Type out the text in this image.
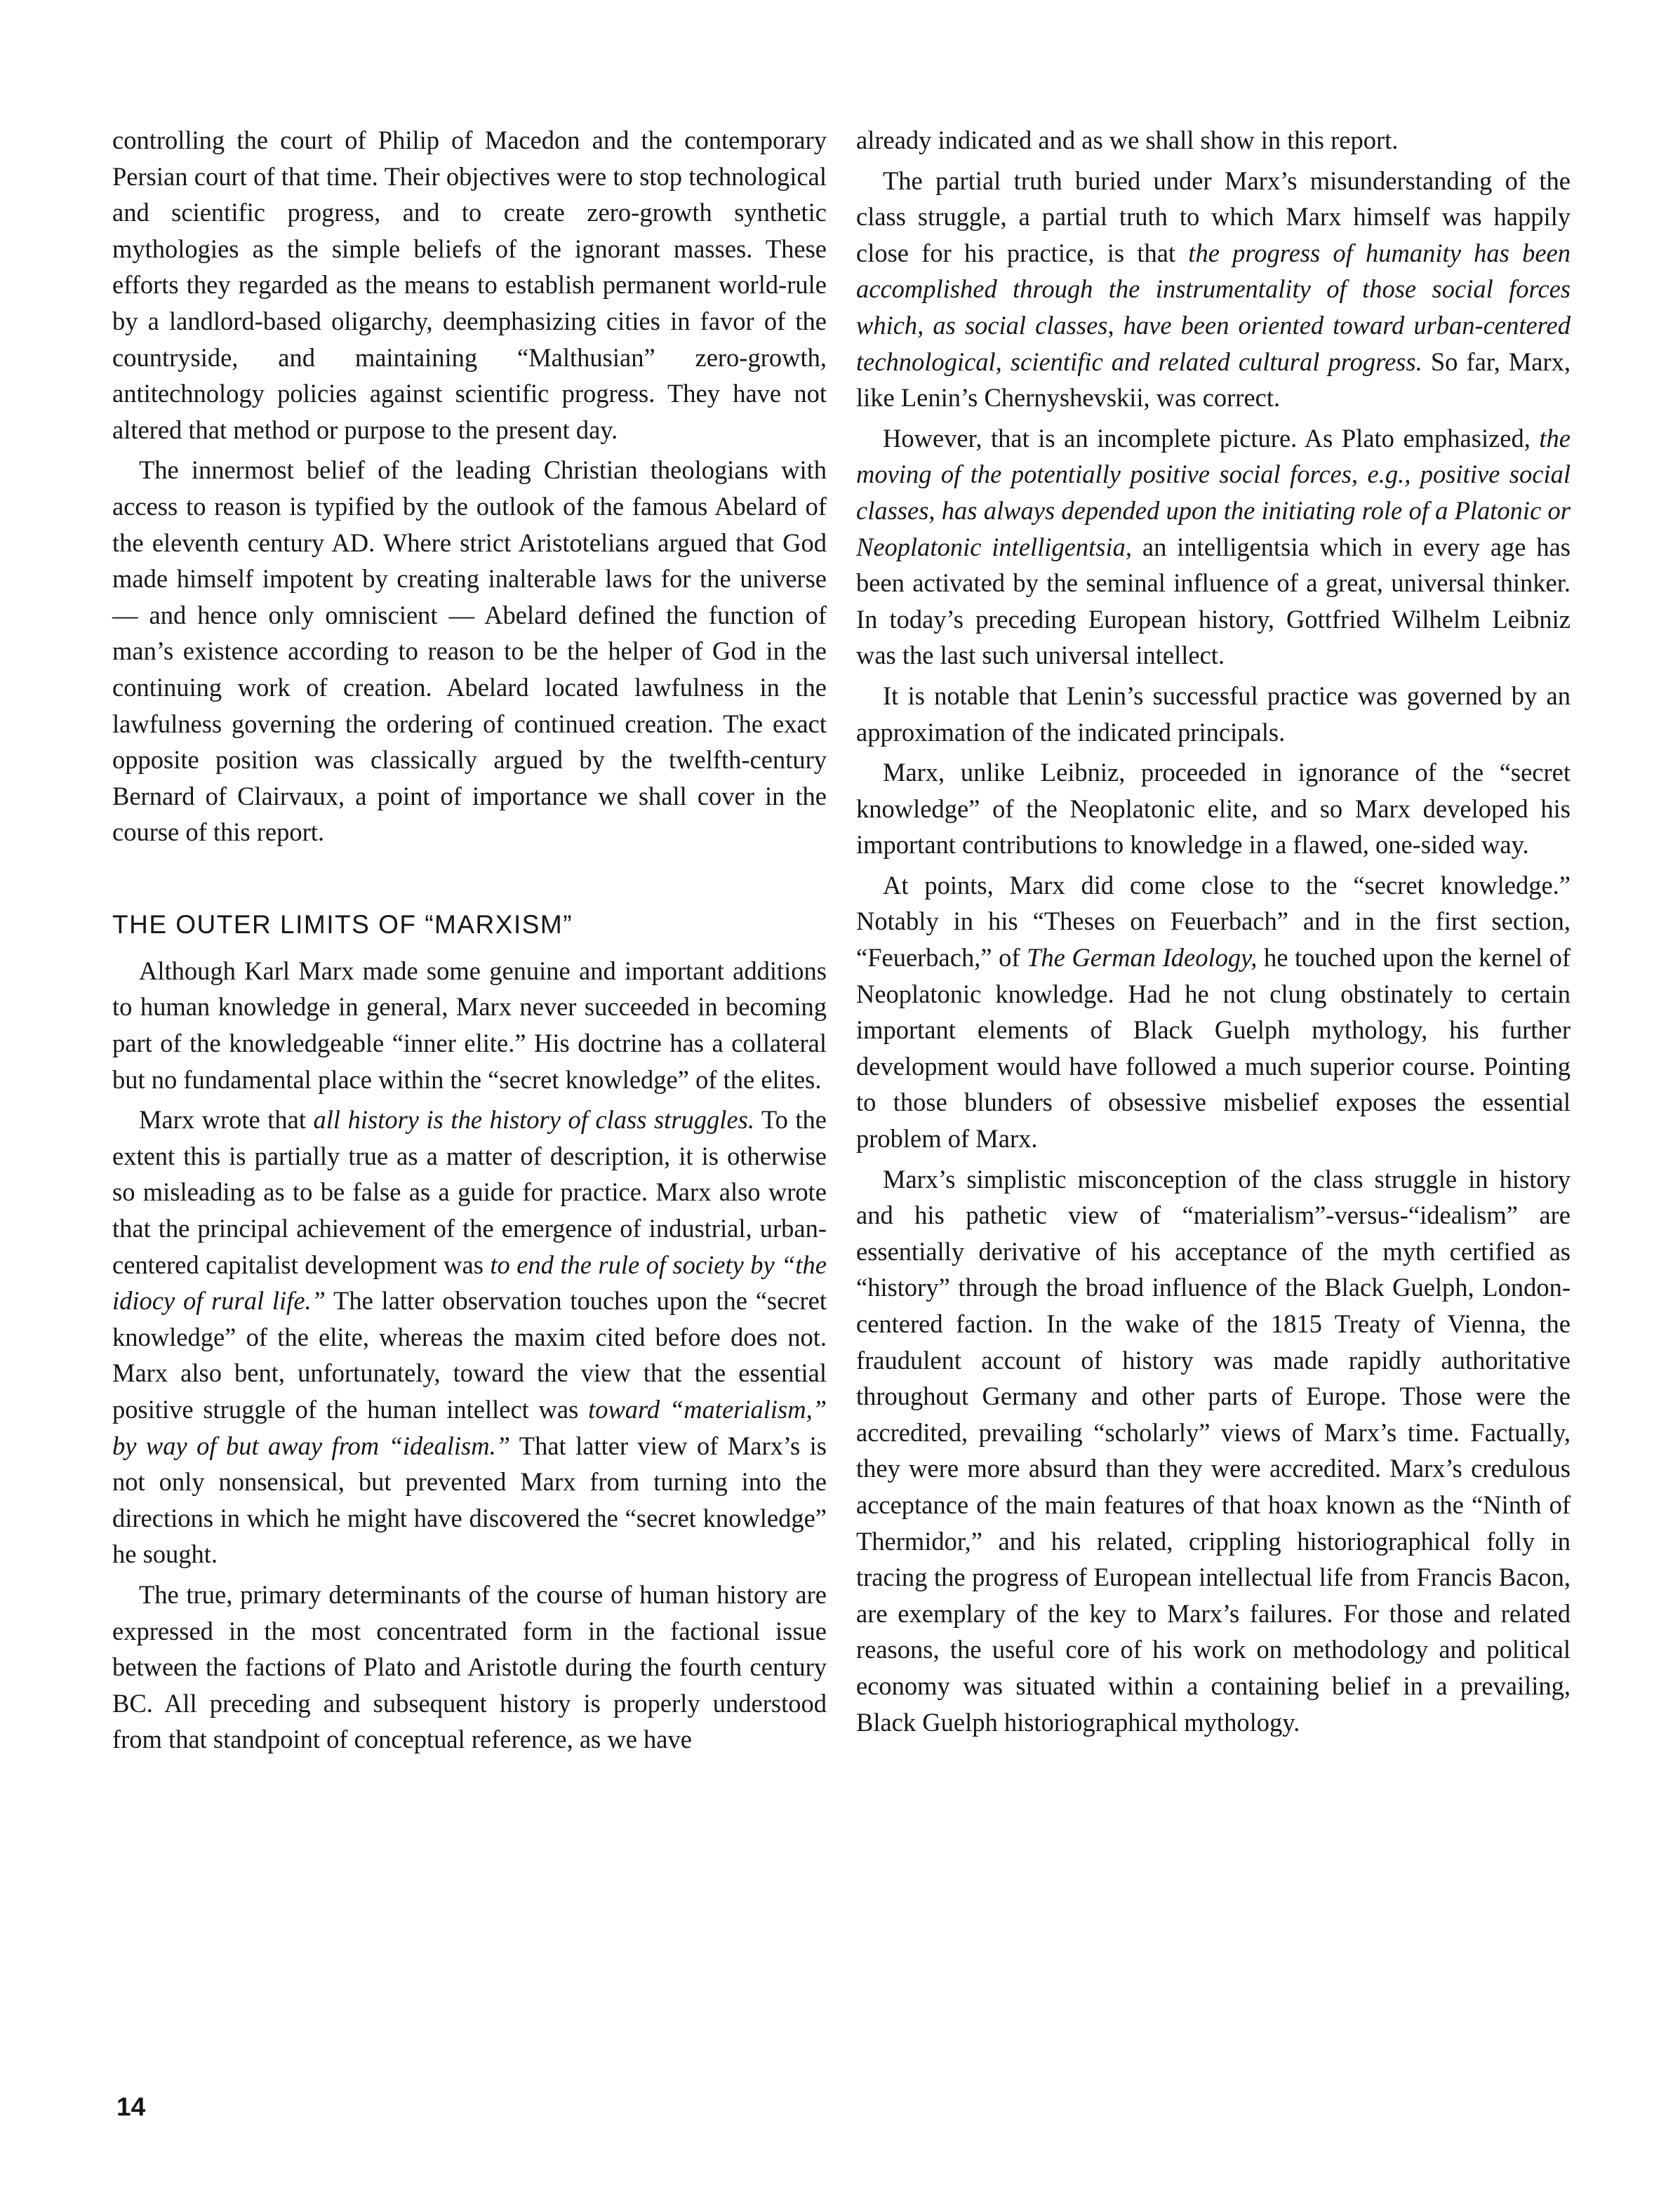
controlling the court of Philip of Macedon and the contemporary Persian court of that time. Their objectives were to stop technological and scientific progress, and to create zero-growth synthetic mythologies as the simple beliefs of the ignorant masses. These efforts they regarded as the means to establish permanent world-rule by a landlord-based oligarchy, deemphasizing cities in favor of the countryside, and maintaining “Malthusian” zero-growth, antitechnology policies against scientific progress. They have not altered that method or purpose to the present day.

The innermost belief of the leading Christian theologians with access to reason is typified by the outlook of the famous Abelard of the eleventh century AD. Where strict Aristotelians argued that God made himself impotent by creating inalterable laws for the universe — and hence only omniscient — Abelard defined the function of man’s existence according to reason to be the helper of God in the continuing work of creation. Abelard located lawfulness in the lawfulness governing the ordering of continued creation. The exact opposite position was classically argued by the twelfth-century Bernard of Clairvaux, a point of importance we shall cover in the course of this report.

THE OUTER LIMITS OF “MARXISM”

Although Karl Marx made some genuine and important additions to human knowledge in general, Marx never succeeded in becoming part of the knowledgeable “inner elite.” His doctrine has a collateral but no fundamental place within the “secret knowledge” of the elites.

Marx wrote that all history is the history of class struggles. To the extent this is partially true as a matter of description, it is otherwise so misleading as to be false as a guide for practice. Marx also wrote that the principal achievement of the emergence of industrial, urban-centered capitalist development was to end the rule of society by “the idiocy of rural life.” The latter observation touches upon the “secret knowledge” of the elite, whereas the maxim cited before does not. Marx also bent, unfortunately, toward the view that the essential positive struggle of the human intellect was toward “materialism,” by way of but away from “idealism.” That latter view of Marx’s is not only nonsensical, but prevented Marx from turning into the directions in which he might have discovered the “secret knowledge” he sought.

The true, primary determinants of the course of human history are expressed in the most concentrated form in the factional issue between the factions of Plato and Aristotle during the fourth century BC. All preceding and subsequent history is properly understood from that standpoint of conceptual reference, as we have

already indicated and as we shall show in this report.

The partial truth buried under Marx’s misunderstanding of the class struggle, a partial truth to which Marx himself was happily close for his practice, is that the progress of humanity has been accomplished through the instrumentality of those social forces which, as social classes, have been oriented toward urban-centered technological, scientific and related cultural progress. So far, Marx, like Lenin’s Chernyshevskii, was correct.

However, that is an incomplete picture. As Plato emphasized, the moving of the potentially positive social forces, e.g., positive social classes, has always depended upon the initiating role of a Platonic or Neoplatonic intelligentsia, an intelligentsia which in every age has been activated by the seminal influence of a great, universal thinker. In today’s preceding European history, Gottfried Wilhelm Leibniz was the last such universal intellect.

It is notable that Lenin’s successful practice was governed by an approximation of the indicated principals.

Marx, unlike Leibniz, proceeded in ignorance of the “secret knowledge” of the Neoplatonic elite, and so Marx developed his important contributions to knowledge in a flawed, one-sided way.

At points, Marx did come close to the “secret knowledge.” Notably in his “Theses on Feuerbach” and in the first section, “Feuerbach,” of The German Ideology, he touched upon the kernel of Neoplatonic knowledge. Had he not clung obstinately to certain important elements of Black Guelph mythology, his further development would have followed a much superior course. Pointing to those blunders of obsessive misbelief exposes the essential problem of Marx.

Marx’s simplistic misconception of the class struggle in history and his pathetic view of “materialism”-versus-“idealism” are essentially derivative of his acceptance of the myth certified as “history” through the broad influence of the Black Guelph, London-centered faction. In the wake of the 1815 Treaty of Vienna, the fraudulent account of history was made rapidly authoritative throughout Germany and other parts of Europe. Those were the accredited, prevailing “scholarly” views of Marx’s time. Factually, they were more absurd than they were accredited. Marx’s credulous acceptance of the main features of that hoax known as the “Ninth of Thermidor,” and his related, crippling historiographical folly in tracing the progress of European intellectual life from Francis Bacon, are exemplary of the key to Marx’s failures. For those and related reasons, the useful core of his work on methodology and political economy was situated within a containing belief in a prevailing, Black Guelph historiographical mythology.

14
